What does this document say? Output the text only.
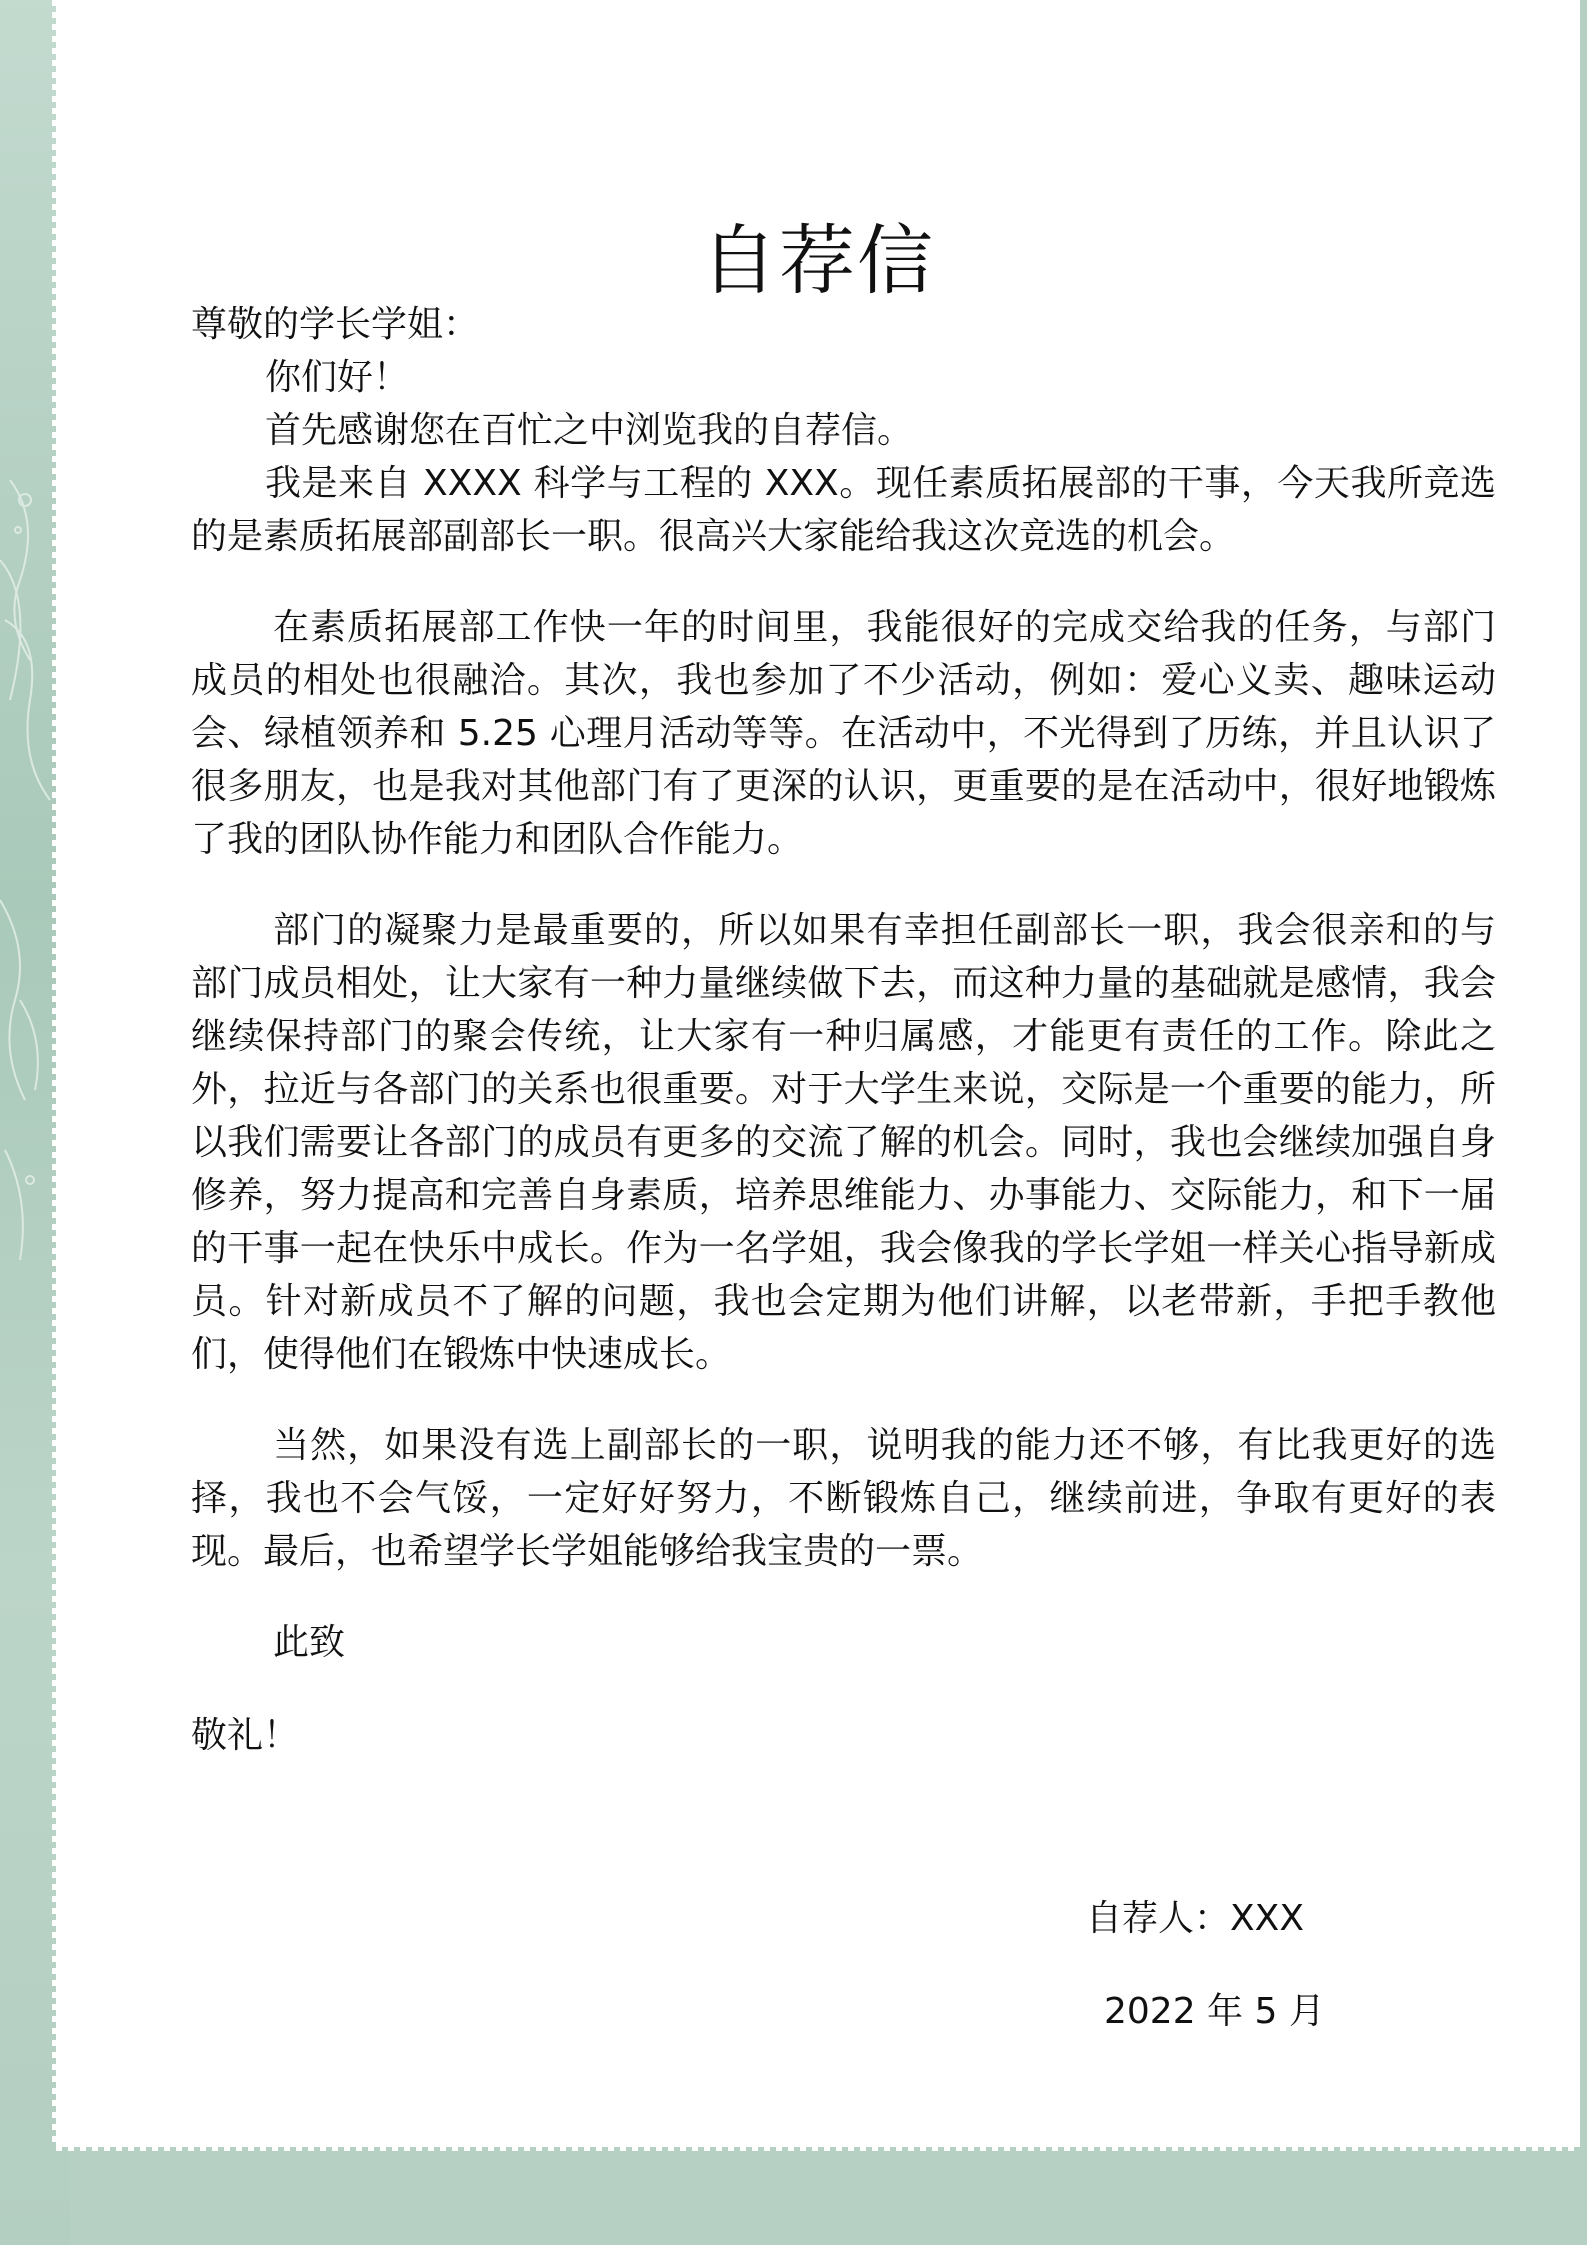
自荐信

尊敬的学长学姐：

你们好！

首先感谢您在百忙之中浏览我的自荐信。

我是来自 XXXX 科学与工程的 XXX。现任素质拓展部的干事，今天我所竞选的是素质拓展部副部长一职。很高兴大家能给我这次竞选的机会。

在素质拓展部工作快一年的时间里，我能很好的完成交给我的任务，与部门成员的相处也很融洽。其次，我也参加了不少活动，例如：爱心义卖、趣味运动会、绿植领养和 5.25 心理月活动等等。在活动中，不光得到了历练，并且认识了很多朋友，也是我对其他部门有了更深的认识，更重要的是在活动中，很好地锻炼了我的团队协作能力和团队合作能力。

部门的凝聚力是最重要的，所以如果有幸担任副部长一职，我会很亲和的与部门成员相处，让大家有一种力量继续做下去，而这种力量的基础就是感情，我会继续保持部门的聚会传统，让大家有一种归属感，才能更有责任的工作。除此之外，拉近与各部门的关系也很重要。对于大学生来说，交际是一个重要的能力，所以我们需要让各部门的成员有更多的交流了解的机会。同时，我也会继续加强自身修养，努力提高和完善自身素质，培养思维能力、办事能力、交际能力，和下一届的干事一起在快乐中成长。作为一名学姐，我会像我的学长学姐一样关心指导新成员。针对新成员不了解的问题，我也会定期为他们讲解，以老带新，手把手教他们，使得他们在锻炼中快速成长。

当然，如果没有选上副部长的一职，说明我的能力还不够，有比我更好的选择，我也不会气馁，一定好好努力，不断锻炼自己，继续前进，争取有更好的表现。最后，也希望学长学姐能够给我宝贵的一票。

此致

敬礼！

自荐人：XXX
2022 年 5 月
